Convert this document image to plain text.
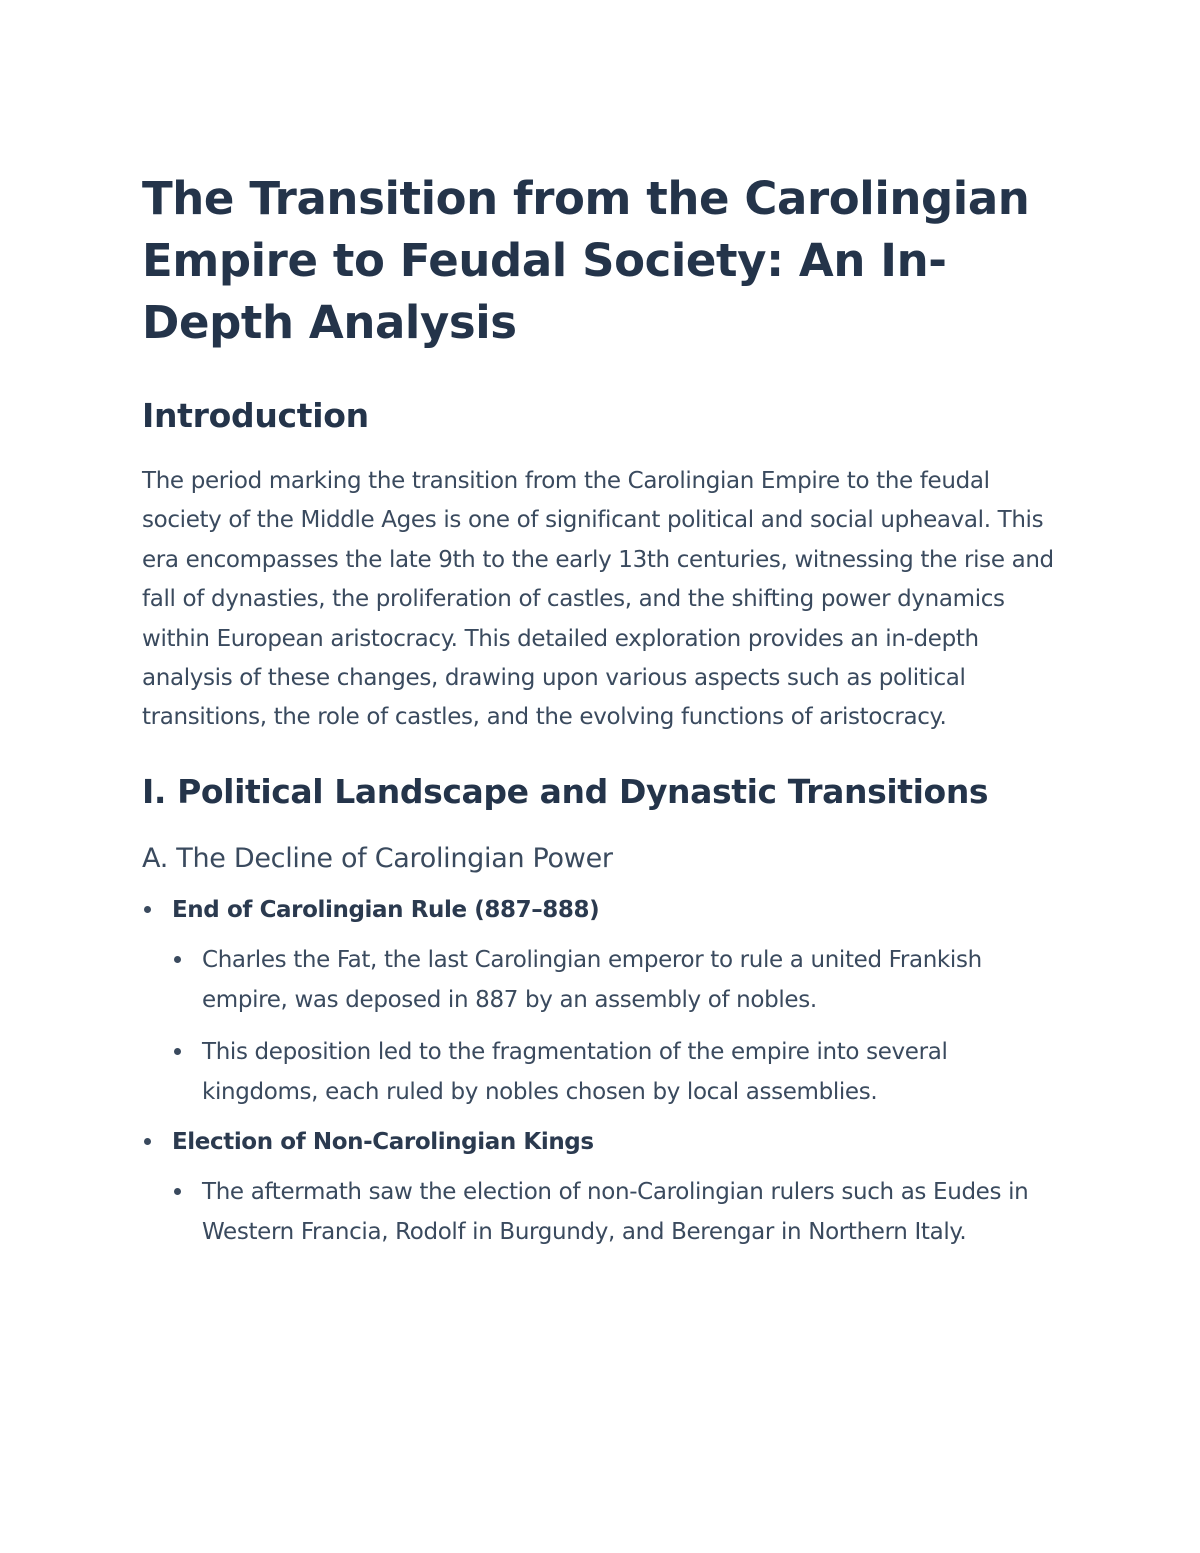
The Transition from the Carolingian Empire to Feudal Society: An In-Depth Analysis
Introduction

The period marking the transition from the Carolingian Empire to the feudal society of the Middle Ages is one of significant political and social upheaval. This era encompasses the late 9th to the early 13th centuries, witnessing the rise and fall of dynasties, the proliferation of castles, and the shifting power dynamics within European aristocracy. This detailed exploration provides an in-depth analysis of these changes, drawing upon various aspects such as political transitions, the role of castles, and the evolving functions of aristocracy.

I. Political Landscape and Dynastic Transitions
A. The Decline of Carolingian Power
End of Carolingian Rule (887–888)
Charles the Fat, the last Carolingian emperor to rule a united Frankish empire, was deposed in 887 by an assembly of nobles.
This deposition led to the fragmentation of the empire into several kingdoms, each ruled by nobles chosen by local assemblies.
Election of Non-Carolingian Kings
The aftermath saw the election of non-Carolingian rulers such as Eudes in Western Francia, Rodolf in Burgundy, and Berengar in Northern Italy.
